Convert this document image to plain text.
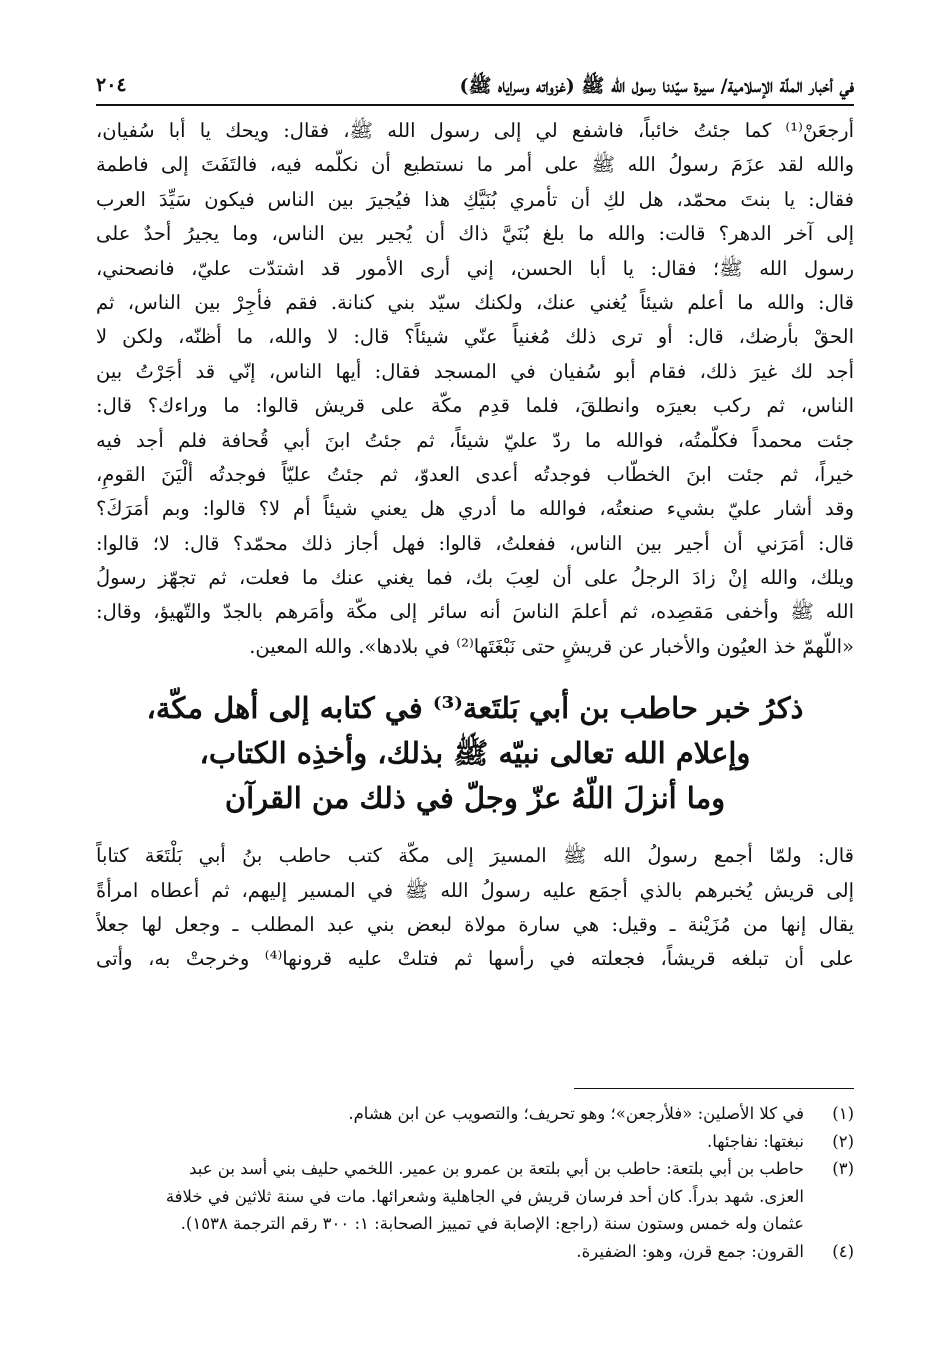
في أخبار الملّة الإسلامية/ سيرة سيّدنا رسول الله ﷺ (غزواته وسراياه ﷺ)
٢٠٤
أرجعَنْ⁽¹⁾ كما جئتُ خائباً، فاشفع لي إلى رسول الله ﷺ، فقال: ويحك يا أبا سُفيان،
والله لقد عزَمَ رسولُ الله ﷺ على أمر ما نستطيع أن نكلّمه فيه، فالتَفَتَ إلى فاطمة
فقال: يا بنتَ محمّد، هل لكِ أن تأمري بُنَيَّكِ هذا فيُجيرَ بين الناس فيكون سَيِّدَ العرب
إلى آخر الدهر؟ قالت: والله ما بلغ بُنَيَّ ذاك أن يُجير بين الناس، وما يجيرُ أحدٌ على
رسول الله ﷺ؛ فقال: يا أبا الحسن، إني أرى الأمور قد اشتدّت عليّ، فانصحني،
قال: والله ما أعلم شيئاً يُغني عنك، ولكنك سيّد بني كنانة. فقم فأجِرْ بين الناس، ثم
الحقْ بأرضك، قال: أو ترى ذلك مُغنياً عنّي شيئاً؟ قال: لا والله، ما أظنّه، ولكن لا
أجد لك غيرَ ذلك، فقام أبو سُفيان في المسجد فقال: أيها الناس، إنّي قد أجَرْتُ بين
الناس، ثم ركب بعيرَه وانطلقَ، فلما قدِم مكّة على قريش قالوا: ما وراءك؟ قال:
جئت محمداً فكلّمتُه، فوالله ما ردّ عليّ شيئاً، ثم جئتُ ابنَ أبي قُحافة فلم أجد فيه
خيراً، ثم جئت ابنَ الخطّاب فوجدتُه أعدى العدوّ، ثم جئتُ عليّاً فوجدتُه ألْيَنَ القومِ،
وقد أشار عليّ بشيء صنعتُه، فوالله ما أدري هل يعني شيئاً أم لا؟ قالوا: وبم أمَرَكَ؟
قال: أمَرَني أن أجير بين الناس، ففعلتُ، قالوا: فهل أجاز ذلك محمّد؟ قال: لا؛ قالوا:
ويلك، والله إنْ زادَ الرجلُ على أن لعِبَ بك، فما يغني عنك ما فعلت، ثم تجهّز رسولُ
الله ﷺ وأخفى مَقصِده، ثم أعلمَ الناسَ أنه سائر إلى مكّة وأمَرهم بالجدّ والتّهيؤ، وقال:
«اللّهمّ خذ العيُون والأخبار عن قريشٍ حتى نَبْغَتَها⁽²⁾ في بلادها». والله المعين.
ذكرُ خبر حاطب بن أبي بَلتَعة⁽³⁾ في كتابه إلى أهل مكّة،
وإعلام الله تعالى نبيّه ﷺ بذلك، وأخذِه الكتاب،
وما أنزلَ اللّهُ عزّ وجلّ في ذلك من القرآن
قال: ولمّا أجمع رسولُ الله ﷺ المسيرَ إلى مكّة كتب حاطب بنُ أبي بَلْتَعَة كتاباً
إلى قريش يُخبرهم بالذي أجمَع عليه رسولُ الله ﷺ في المسير إليهم، ثم أعطاه امرأةً
يقال إنها من مُزَيْنة ـ وقيل: هي سارة مولاة لبعض بني عبد المطلب ـ وجعل لها جعلاً
على أن تبلغه قريشاً، فجعلته في رأسها ثم فتلتْ عليه قرونها⁽⁴⁾ وخرجتْ به، وأتى
(١)
في كلا الأصلين: «فلأرجعن»؛ وهو تحريف؛ والتصويب عن ابن هشام.
(٢)
نبغتها: نفاجئها.
(٣)
حاطب بن أبي بلتعة: حاطب بن أبي بلتعة بن عمرو بن عمير. اللخمي حليف بني أسد بن عبد
العزى. شهد بدراً. كان أحد فرسان قريش في الجاهلية وشعرائها. مات في سنة ثلاثين في خلافة
عثمان وله خمس وستون سنة (راجع: الإصابة في تمييز الصحابة: ١: ٣٠٠ رقم الترجمة ١٥٣٨).
(٤)
القرون: جمع قرن، وهو: الضفيرة.
